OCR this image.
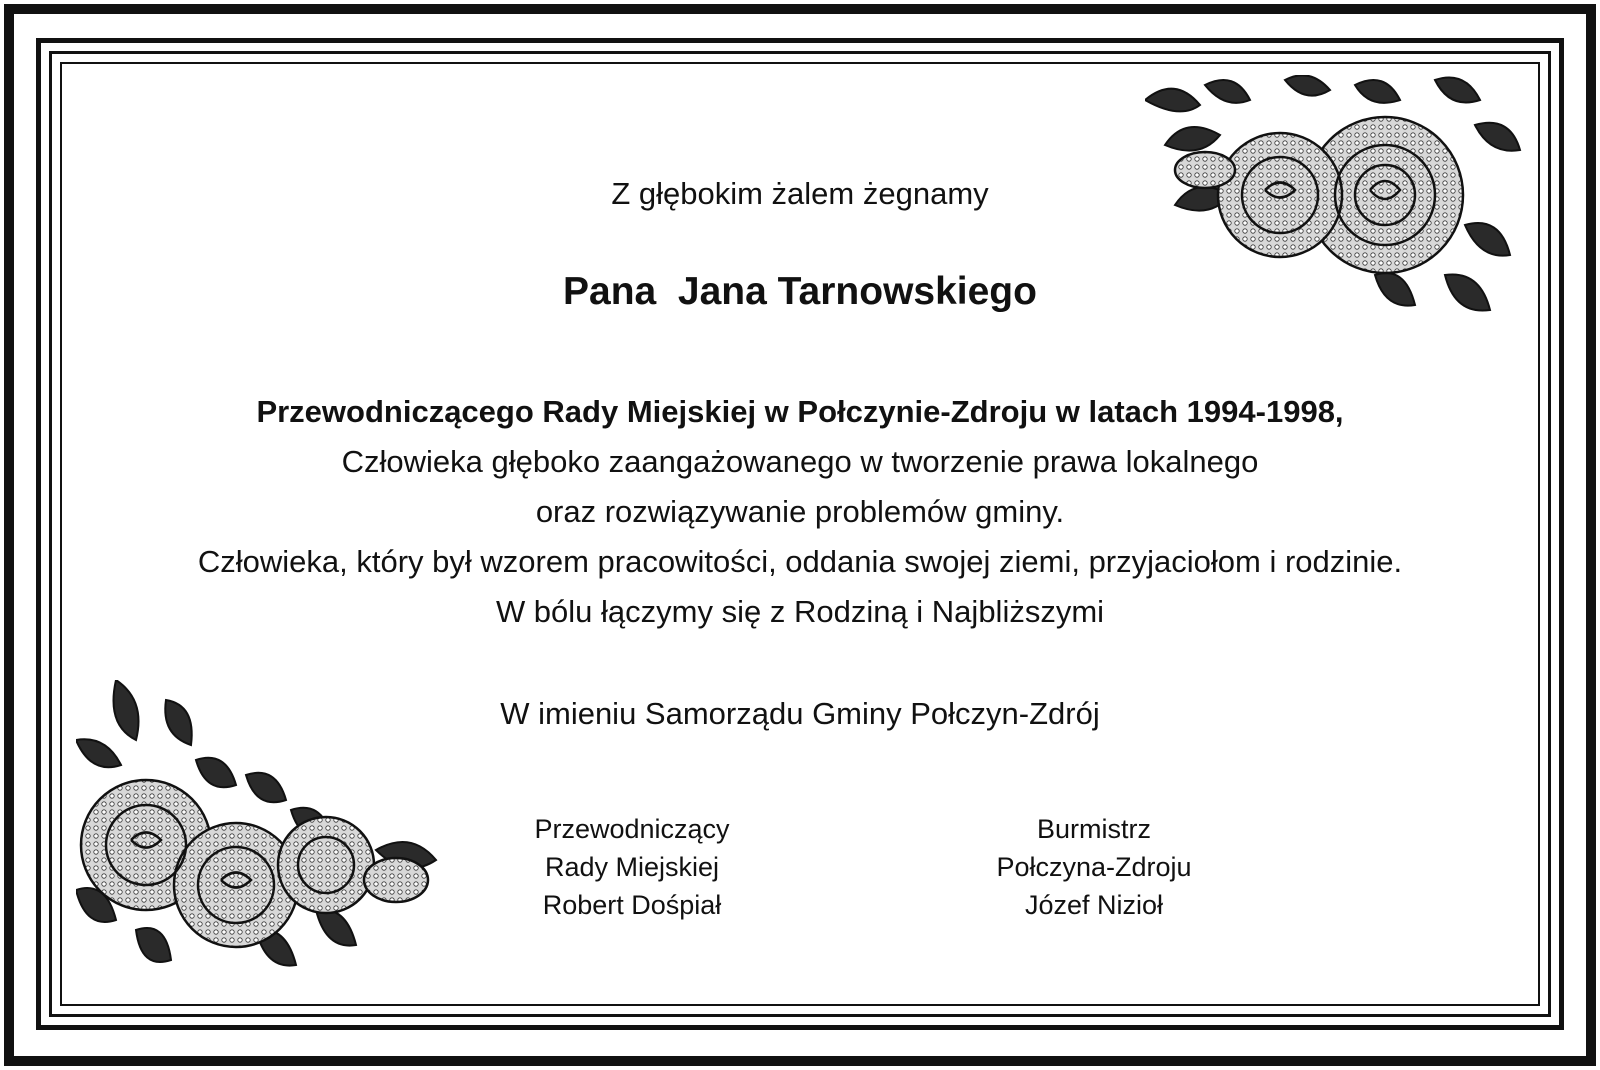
Z głębokim żalem żegnamy
Pana  Jana Tarnowskiego
Przewodniczącego Rady Miejskiej w Połczynie-Zdroju w latach 1994-1998,
Człowieka głęboko zaangażowanego w tworzenie prawa lokalnego
oraz rozwiązywanie problemów gminy.
Człowieka, który był wzorem pracowitości, oddania swojej ziemi, przyjaciołom i rodzinie.
W bólu łączymy się z Rodziną i Najbliższymi
W imieniu Samorządu Gminy Połczyn-Zdrój
Przewodniczący
Rady Miejskiej
Robert Dośpiał
Burmistrz
Połczyna-Zdroju
Józef Nizioł
